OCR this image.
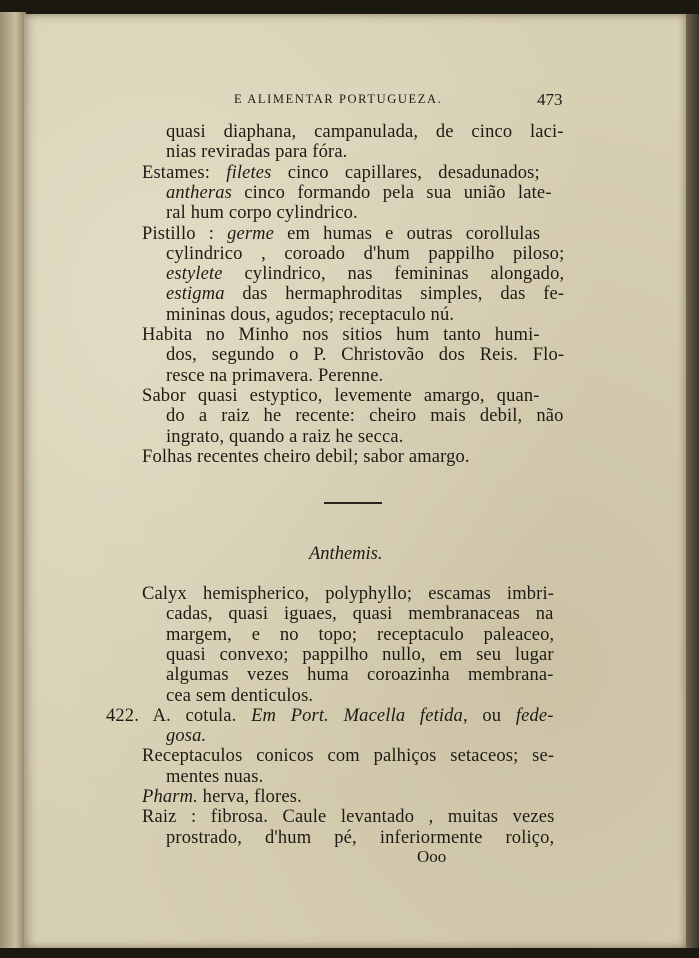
E ALIMENTAR PORTUGUEZA.	473
quasi diaphana, campanulada, de cinco laci-
nias reviradas para fóra.
Estames: filetes cinco capillares, desadunados;
antheras cinco formando pela sua união late-
ral hum corpo cylindrico.
Pistillo : germe em humas e outras corollulas
cylindrico , coroado d'hum pappilho piloso;
estylete cylindrico, nas femininas alongado,
estigma das hermaphroditas simples, das fe-
mininas dous, agudos; receptaculo nú.
Habita no Minho nos sitios hum tanto humi-
dos, segundo o P. Christovão dos Reis. Flo-
resce na primavera. Perenne.
Sabor quasi estyptico, levemente amargo, quan-
do a raiz he recente: cheiro mais debil, não
ingrato, quando a raiz he secca.
Folhas recentes cheiro debil; sabor amargo.
Anthemis.
Calyx hemispherico, polyphyllo; escamas imbri-
cadas, quasi iguaes, quasi membranaceas na
margem, e no topo; receptaculo paleaceo,
quasi convexo; pappilho nullo, em seu lugar
algumas vezes huma coroazinha membrana-
cea sem denticulos.
422. A. cotula. Em Port. Macella fetida, ou fede-
gosa.
Receptaculos conicos com palhiços setaceos; se-
mentes nuas.
Pharm. herva, flores.
Raiz : fibrosa. Caule levantado , muitas vezes
prostrado, d'hum pé, inferiormente roliço,
Ooo
